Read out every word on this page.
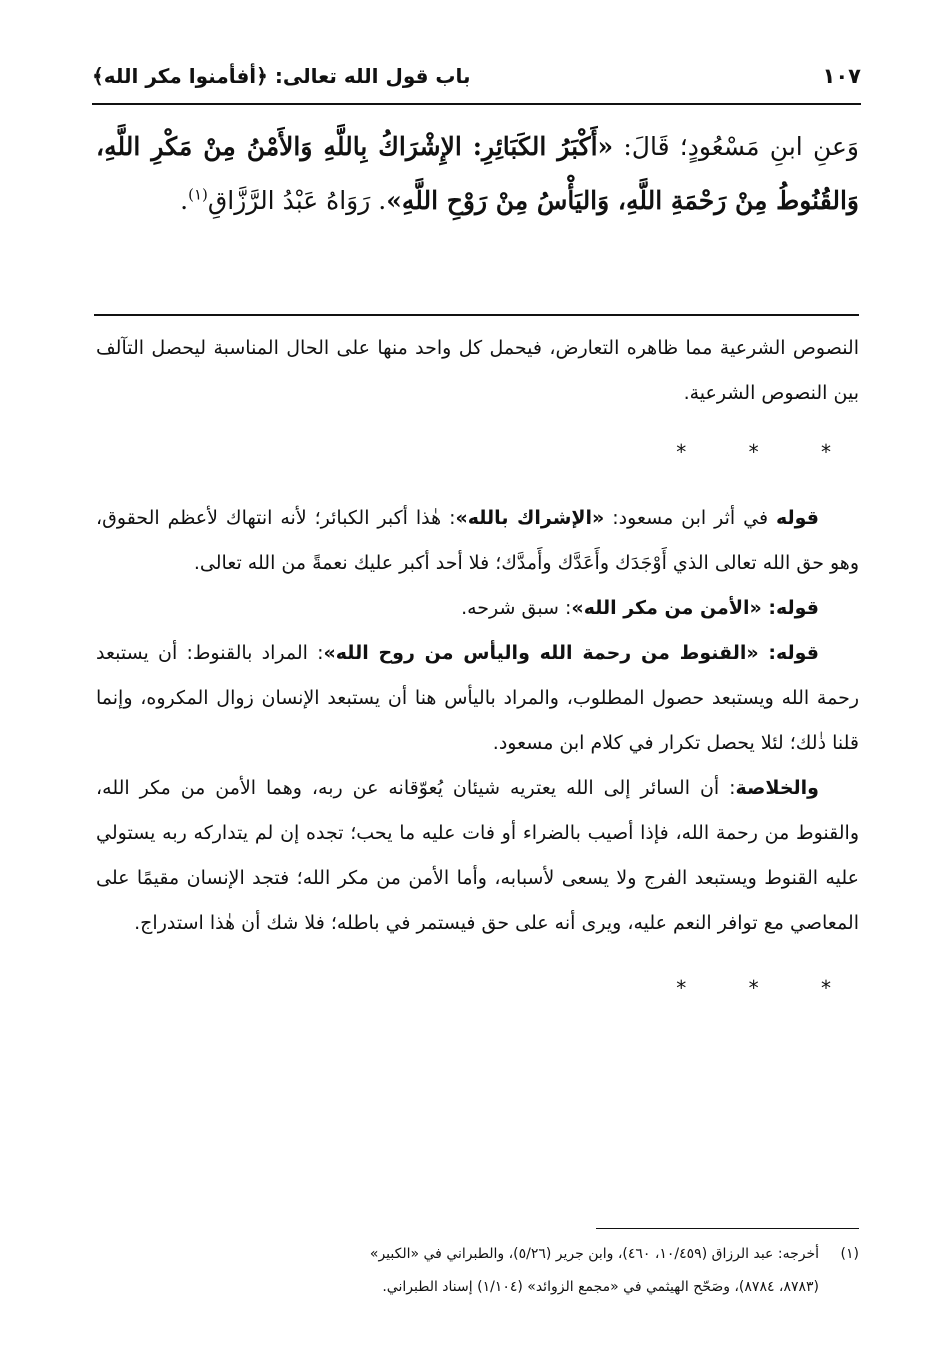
باب قول الله تعالى: ﴿أفأمنوا مكر الله﴾	١٠٧

وَعنِ ابنِ مَسْعُودٍ؛ قَالَ: «أَكْبَرُ الكَبَائِرِ: الإِشْرَاكُ بِاللَّهِ وَالأَمْنُ مِنْ مَكْرِ اللَّهِ، وَالقُنُوطُ مِنْ رَحْمَةِ اللَّهِ، وَاليَأْسُ مِنْ رَوْحِ اللَّهِ». رَوَاهُ عَبْدُ الرَّزَّاقِ$^{(١)}$.

النصوص الشرعية مما ظاهره التعارض، فيحمل كل واحد منها على الحال المناسبة ليحصل التآلف بين النصوص الشرعية.

* * *

قوله في أثر ابن مسعود: «الإشراك بالله»: هٰذا أكبر الكبائر؛ لأنه انتهاك لأعظم الحقوق، وهو حق الله تعالى الذي أَوْجَدَك وأَعَدَّك وأَمدَّك؛ فلا أحد أكبر عليك نعمةً من الله تعالى.

قوله: «الأمن من مكر الله»: سبق شرحه.

قوله: «القنوط من رحمة الله واليأس من روح الله»: المراد بالقنوط: أن يستبعد رحمة الله ويستبعد حصول المطلوب، والمراد باليأس هنا أن يستبعد الإنسان زوال المكروه، وإنما قلنا ذٰلك؛ لئلا يحصل تكرار في كلام ابن مسعود.

والخلاصة: أن السائر إلى الله يعتريه شيئان يُعوّقانه عن ربه، وهما الأمن من مكر الله، والقنوط من رحمة الله، فإذا أصيب بالضراء أو فات عليه ما يحب؛ تجده إن لم يتداركه ربه يستولي عليه القنوط ويستبعد الفرج ولا يسعى لأسبابه، وأما الأمن من مكر الله؛ فتجد الإنسان مقيمًا على المعاصي مع توافر النعم عليه، ويرى أنه على حق فيستمر في باطله؛ فلا شك أن هٰذا استدراج.

* * *

(١)أخرجه: عبد الرزاق (١٠/٤٥٩، ٤٦٠)، وابن جرير (٥/٢٦)، والطبراني في «الكبير»

(٨٧٨٣، ٨٧٨٤)، وصَحّح الهيثمي في «مجمع الزوائد» (١/١٠٤) إسناد الطبراني.
